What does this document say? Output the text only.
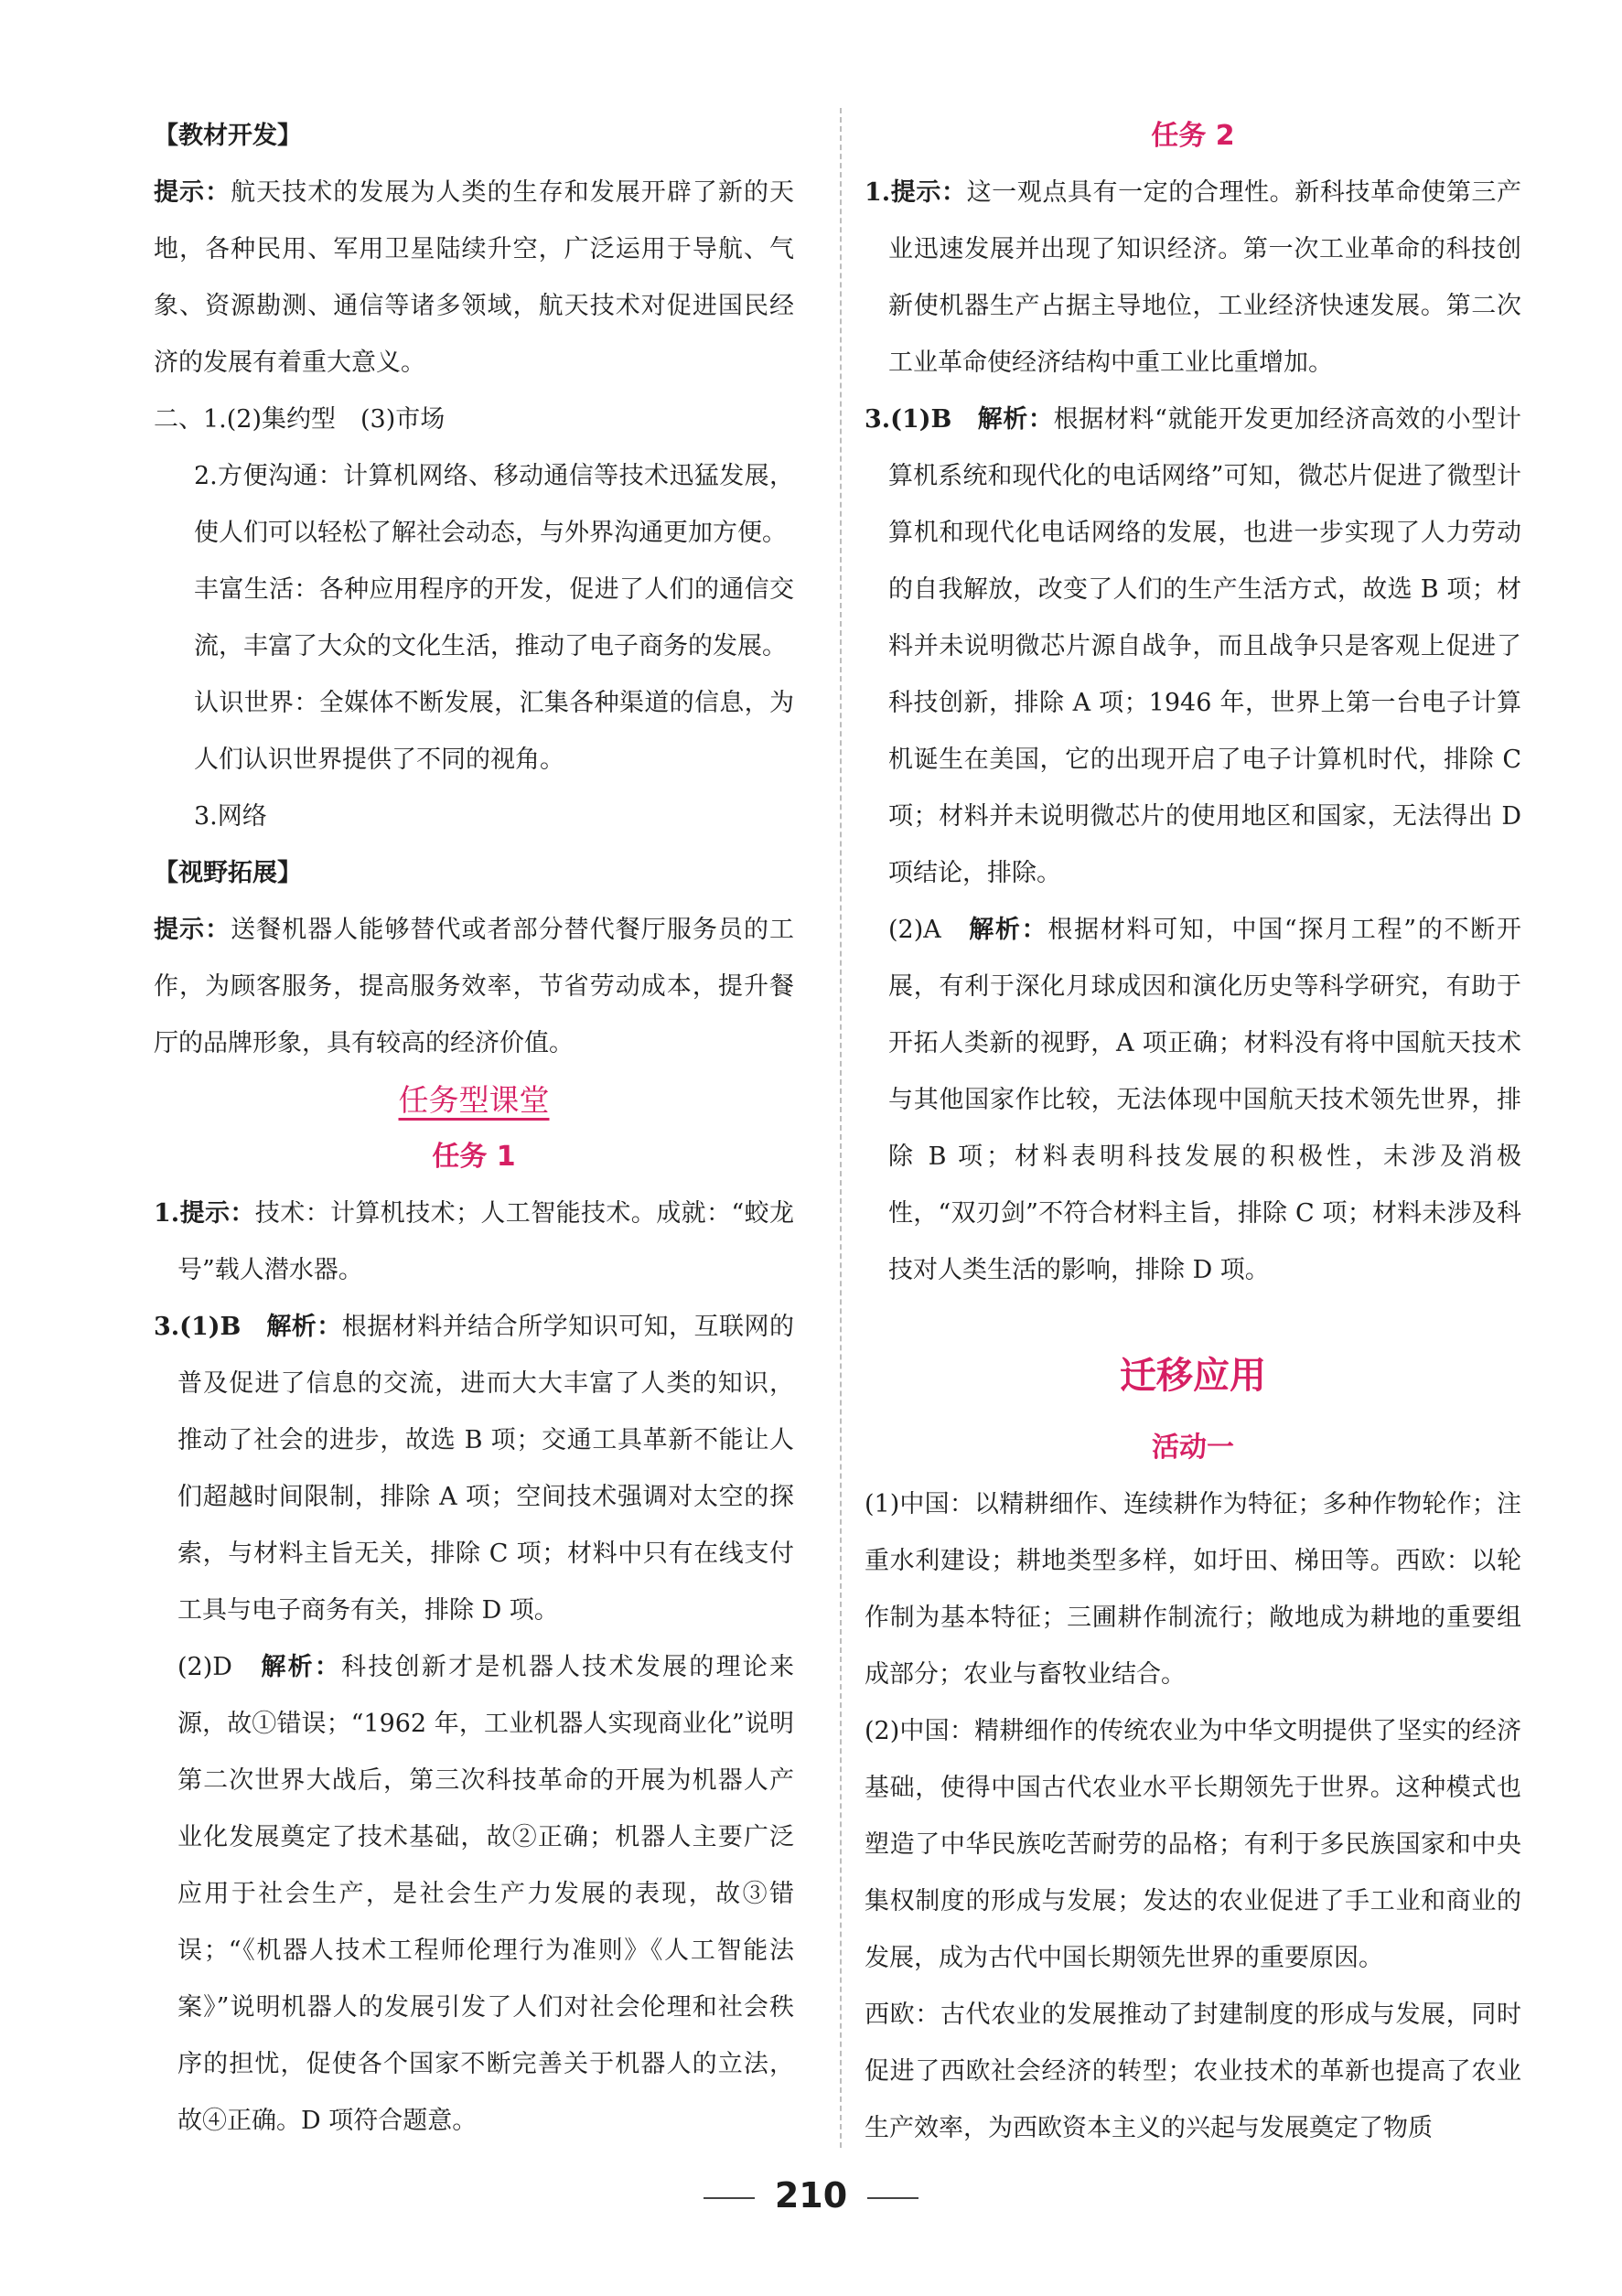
【教材开发】

提示：航天技术的发展为人类的生存和发展开辟了新的天地，各种民用、军用卫星陆续升空，广泛运用于导航、气象、资源勘测、通信等诸多领域，航天技术对促进国民经济的发展有着重大意义。

二、1.(2)集约型　(3)市场

2.方便沟通：计算机网络、移动通信等技术迅猛发展，使人们可以轻松了解社会动态，与外界沟通更加方便。

丰富生活：各种应用程序的开发，促进了人们的通信交流，丰富了大众的文化生活，推动了电子商务的发展。

认识世界：全媒体不断发展，汇集各种渠道的信息，为人们认识世界提供了不同的视角。

3.网络

【视野拓展】

提示：送餐机器人能够替代或者部分替代餐厅服务员的工作，为顾客服务，提高服务效率，节省劳动成本，提升餐厅的品牌形象，具有较高的经济价值。

任务型课堂

任务 1

1.提示：技术：计算机技术；人工智能技术。成就：“蛟龙号”载人潜水器。

3.(1)B　解析：根据材料并结合所学知识可知，互联网的普及促进了信息的交流，进而大大丰富了人类的知识，推动了社会的进步，故选 B 项；交通工具革新不能让人们超越时间限制，排除 A 项；空间技术强调对太空的探索，与材料主旨无关，排除 C 项；材料中只有在线支付工具与电子商务有关，排除 D 项。

(2)D　解析：科技创新才是机器人技术发展的理论来源，故①错误；“1962 年，工业机器人实现商业化”说明第二次世界大战后，第三次科技革命的开展为机器人产业化发展奠定了技术基础，故②正确；机器人主要广泛应用于社会生产，是社会生产力发展的表现，故③错误；“《机器人技术工程师伦理行为准则》《人工智能法案》”说明机器人的发展引发了人们对社会伦理和社会秩序的担忧，促使各个国家不断完善关于机器人的立法，故④正确。D 项符合题意。

任务 2

1.提示：这一观点具有一定的合理性。新科技革命使第三产业迅速发展并出现了知识经济。第一次工业革命的科技创新使机器生产占据主导地位，工业经济快速发展。第二次工业革命使经济结构中重工业比重增加。

3.(1)B　解析：根据材料“就能开发更加经济高效的小型计算机系统和现代化的电话网络”可知，微芯片促进了微型计算机和现代化电话网络的发展，也进一步实现了人力劳动的自我解放，改变了人们的生产生活方式，故选 B 项；材料并未说明微芯片源自战争，而且战争只是客观上促进了科技创新，排除 A 项；1946 年，世界上第一台电子计算机诞生在美国，它的出现开启了电子计算机时代，排除 C 项；材料并未说明微芯片的使用地区和国家，无法得出 D 项结论，排除。

(2)A　解析：根据材料可知，中国“探月工程”的不断开展，有利于深化月球成因和演化历史等科学研究，有助于开拓人类新的视野，A 项正确；材料没有将中国航天技术与其他国家作比较，无法体现中国航天技术领先世界，排除 B 项；材料表明科技发展的积极性，未涉及消极性，“双刃剑”不符合材料主旨，排除 C 项；材料未涉及科技对人类生活的影响，排除 D 项。

迁移应用

活动一

(1)中国：以精耕细作、连续耕作为特征；多种作物轮作；注重水利建设；耕地类型多样，如圩田、梯田等。西欧：以轮作制为基本特征；三圃耕作制流行；敞地成为耕地的重要组成部分；农业与畜牧业结合。

(2)中国：精耕细作的传统农业为中华文明提供了坚实的经济基础，使得中国古代农业水平长期领先于世界。这种模式也塑造了中华民族吃苦耐劳的品格；有利于多民族国家和中央集权制度的形成与发展；发达的农业促进了手工业和商业的发展，成为古代中国长期领先世界的重要原因。

西欧：古代农业的发展推动了封建制度的形成与发展，同时促进了西欧社会经济的转型；农业技术的革新也提高了农业生产效率，为西欧资本主义的兴起与发展奠定了物质

210
